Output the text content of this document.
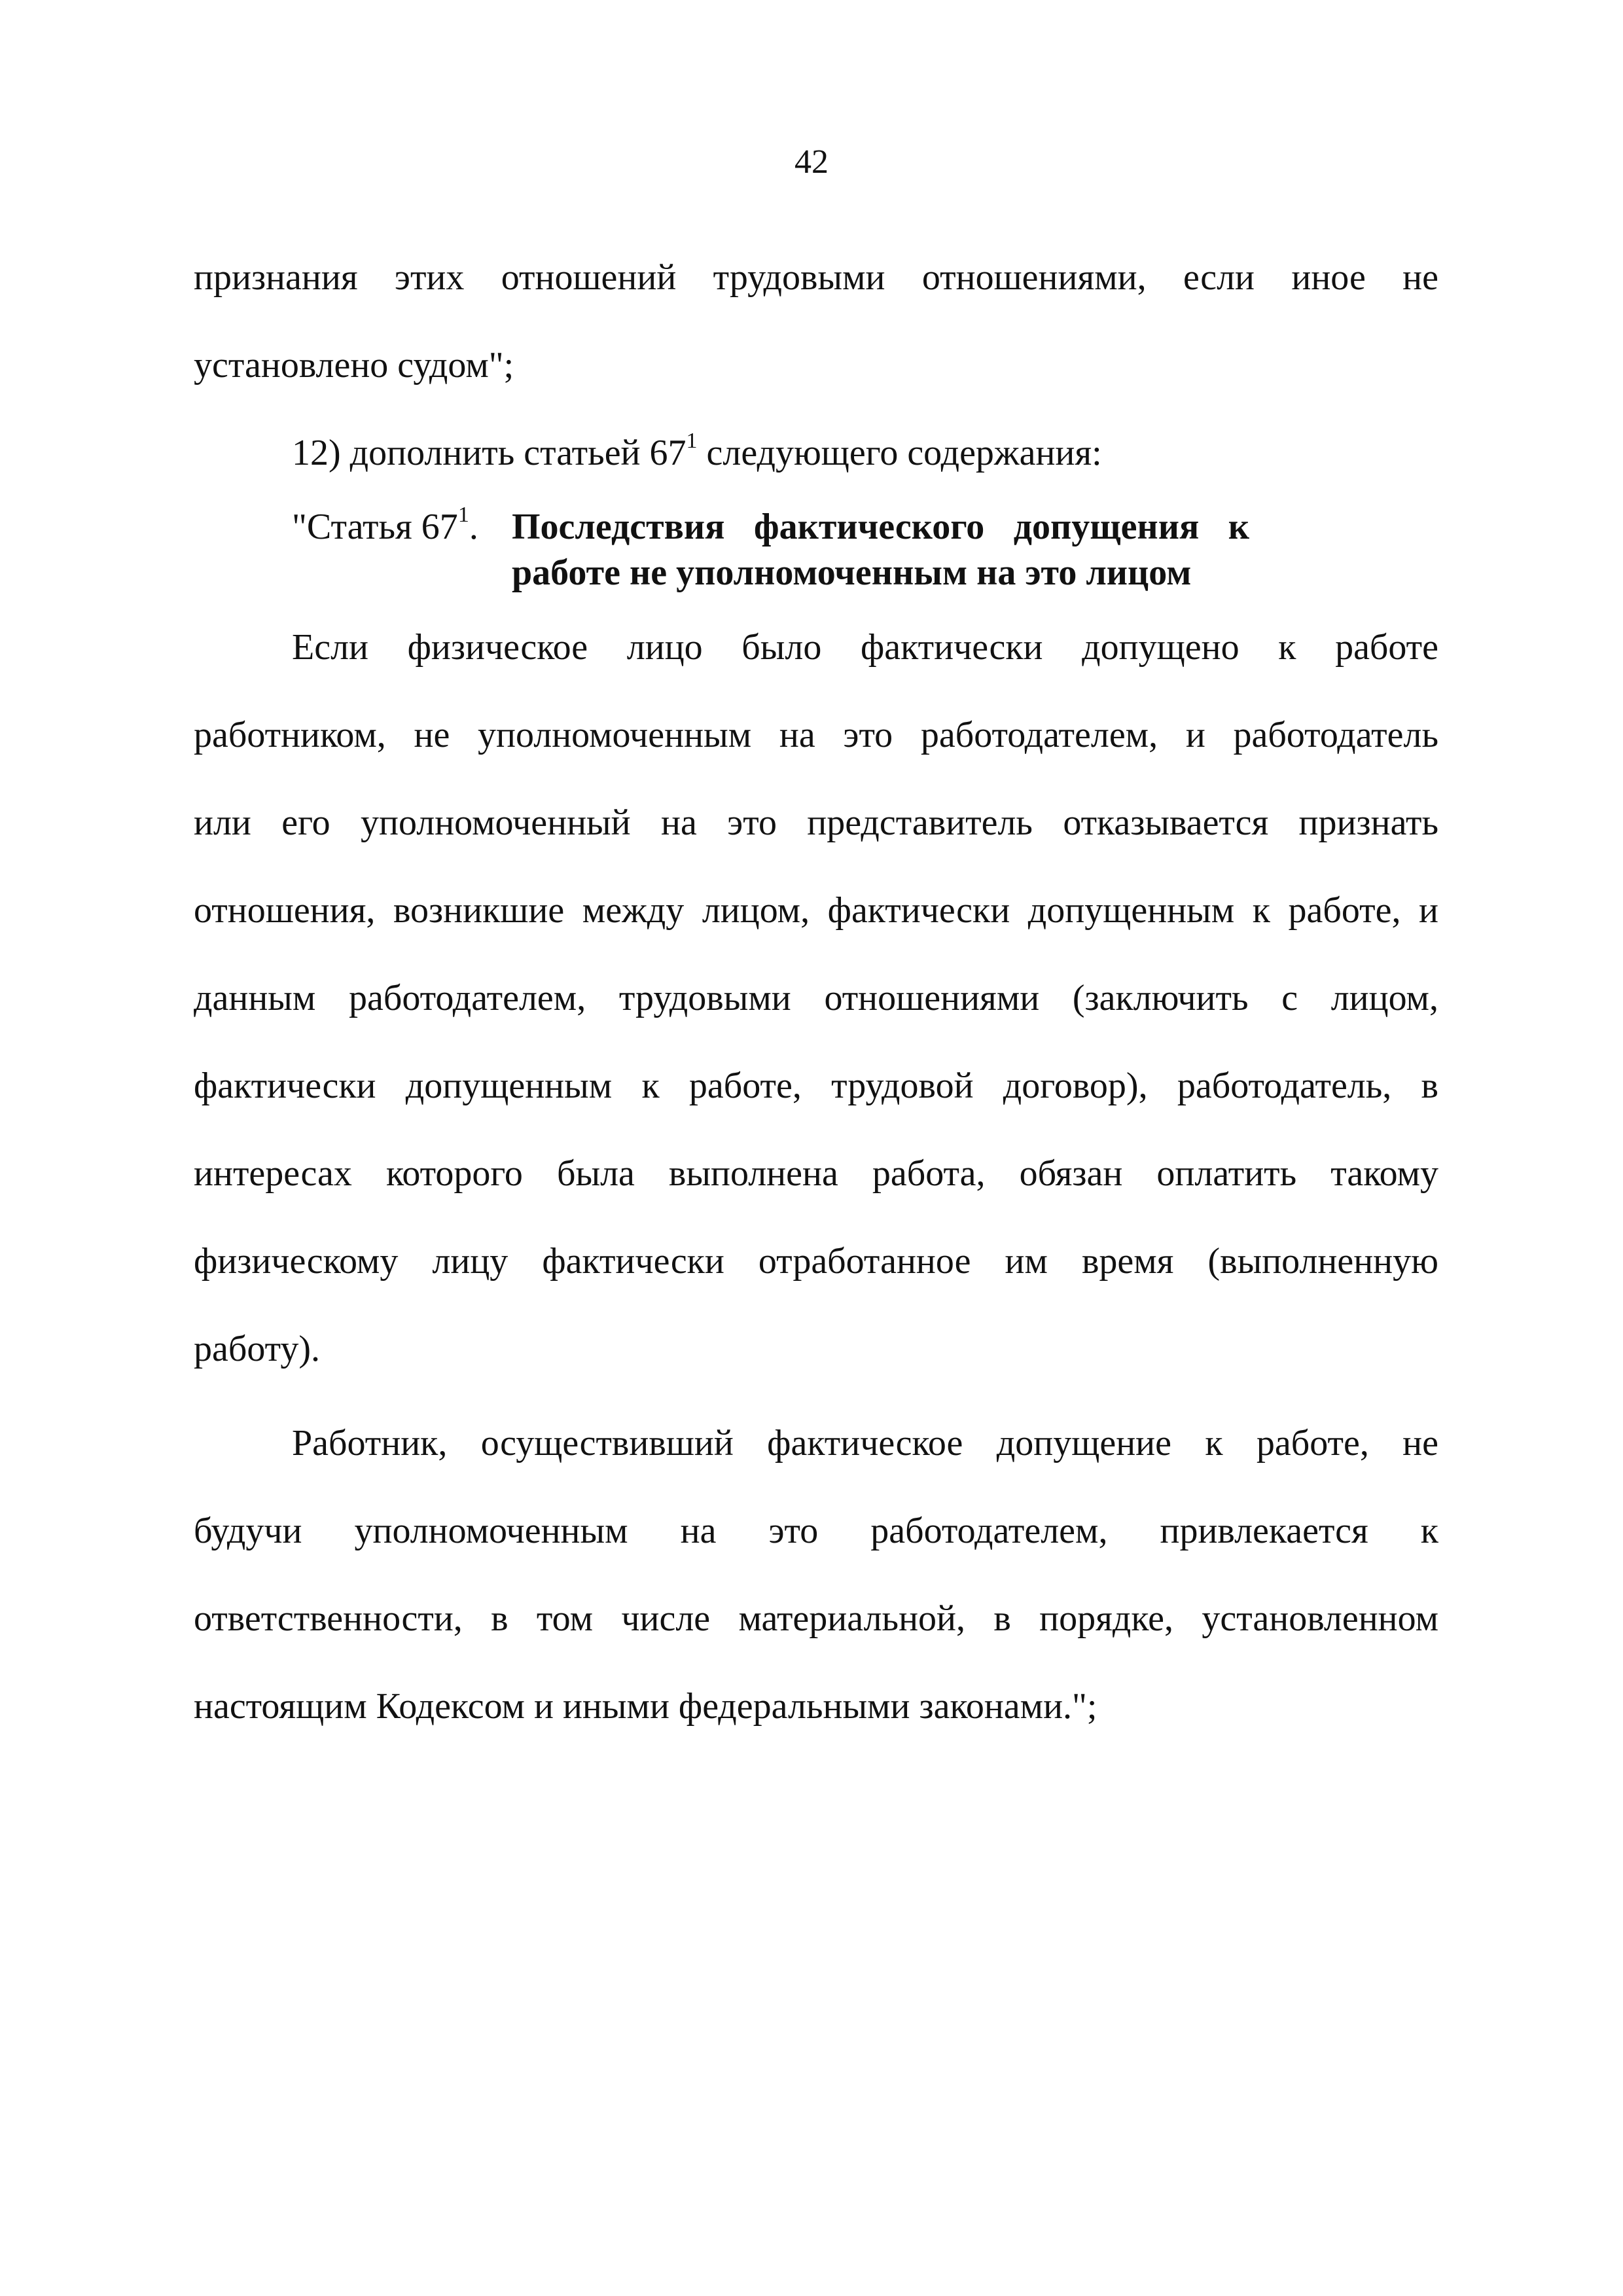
42

признания этих отношений трудовыми отношениями, если иное не

установлено судом";

12) дополнить статьей $67^1$ следующего содержания:

"Статья $67^1$. Последствия фактического допущения к
работе не уполномоченным на это лицом

Если физическое лицо было фактически допущено к работе

работником, не уполномоченным на это работодателем, и работодатель

или его уполномоченный на это представитель отказывается признать

отношения, возникшие между лицом, фактически допущенным к работе, и

данным работодателем, трудовыми отношениями (заключить с лицом,

фактически допущенным к работе, трудовой договор), работодатель, в

интересах которого была выполнена работа, обязан оплатить такому

физическому лицу фактически отработанное им время (выполненную

работу).

Работник, осуществивший фактическое допущение к работе, не

будучи уполномоченным на это работодателем, привлекается к

ответственности, в том числе материальной, в порядке, установленном

настоящим Кодексом и иными федеральными законами.";
